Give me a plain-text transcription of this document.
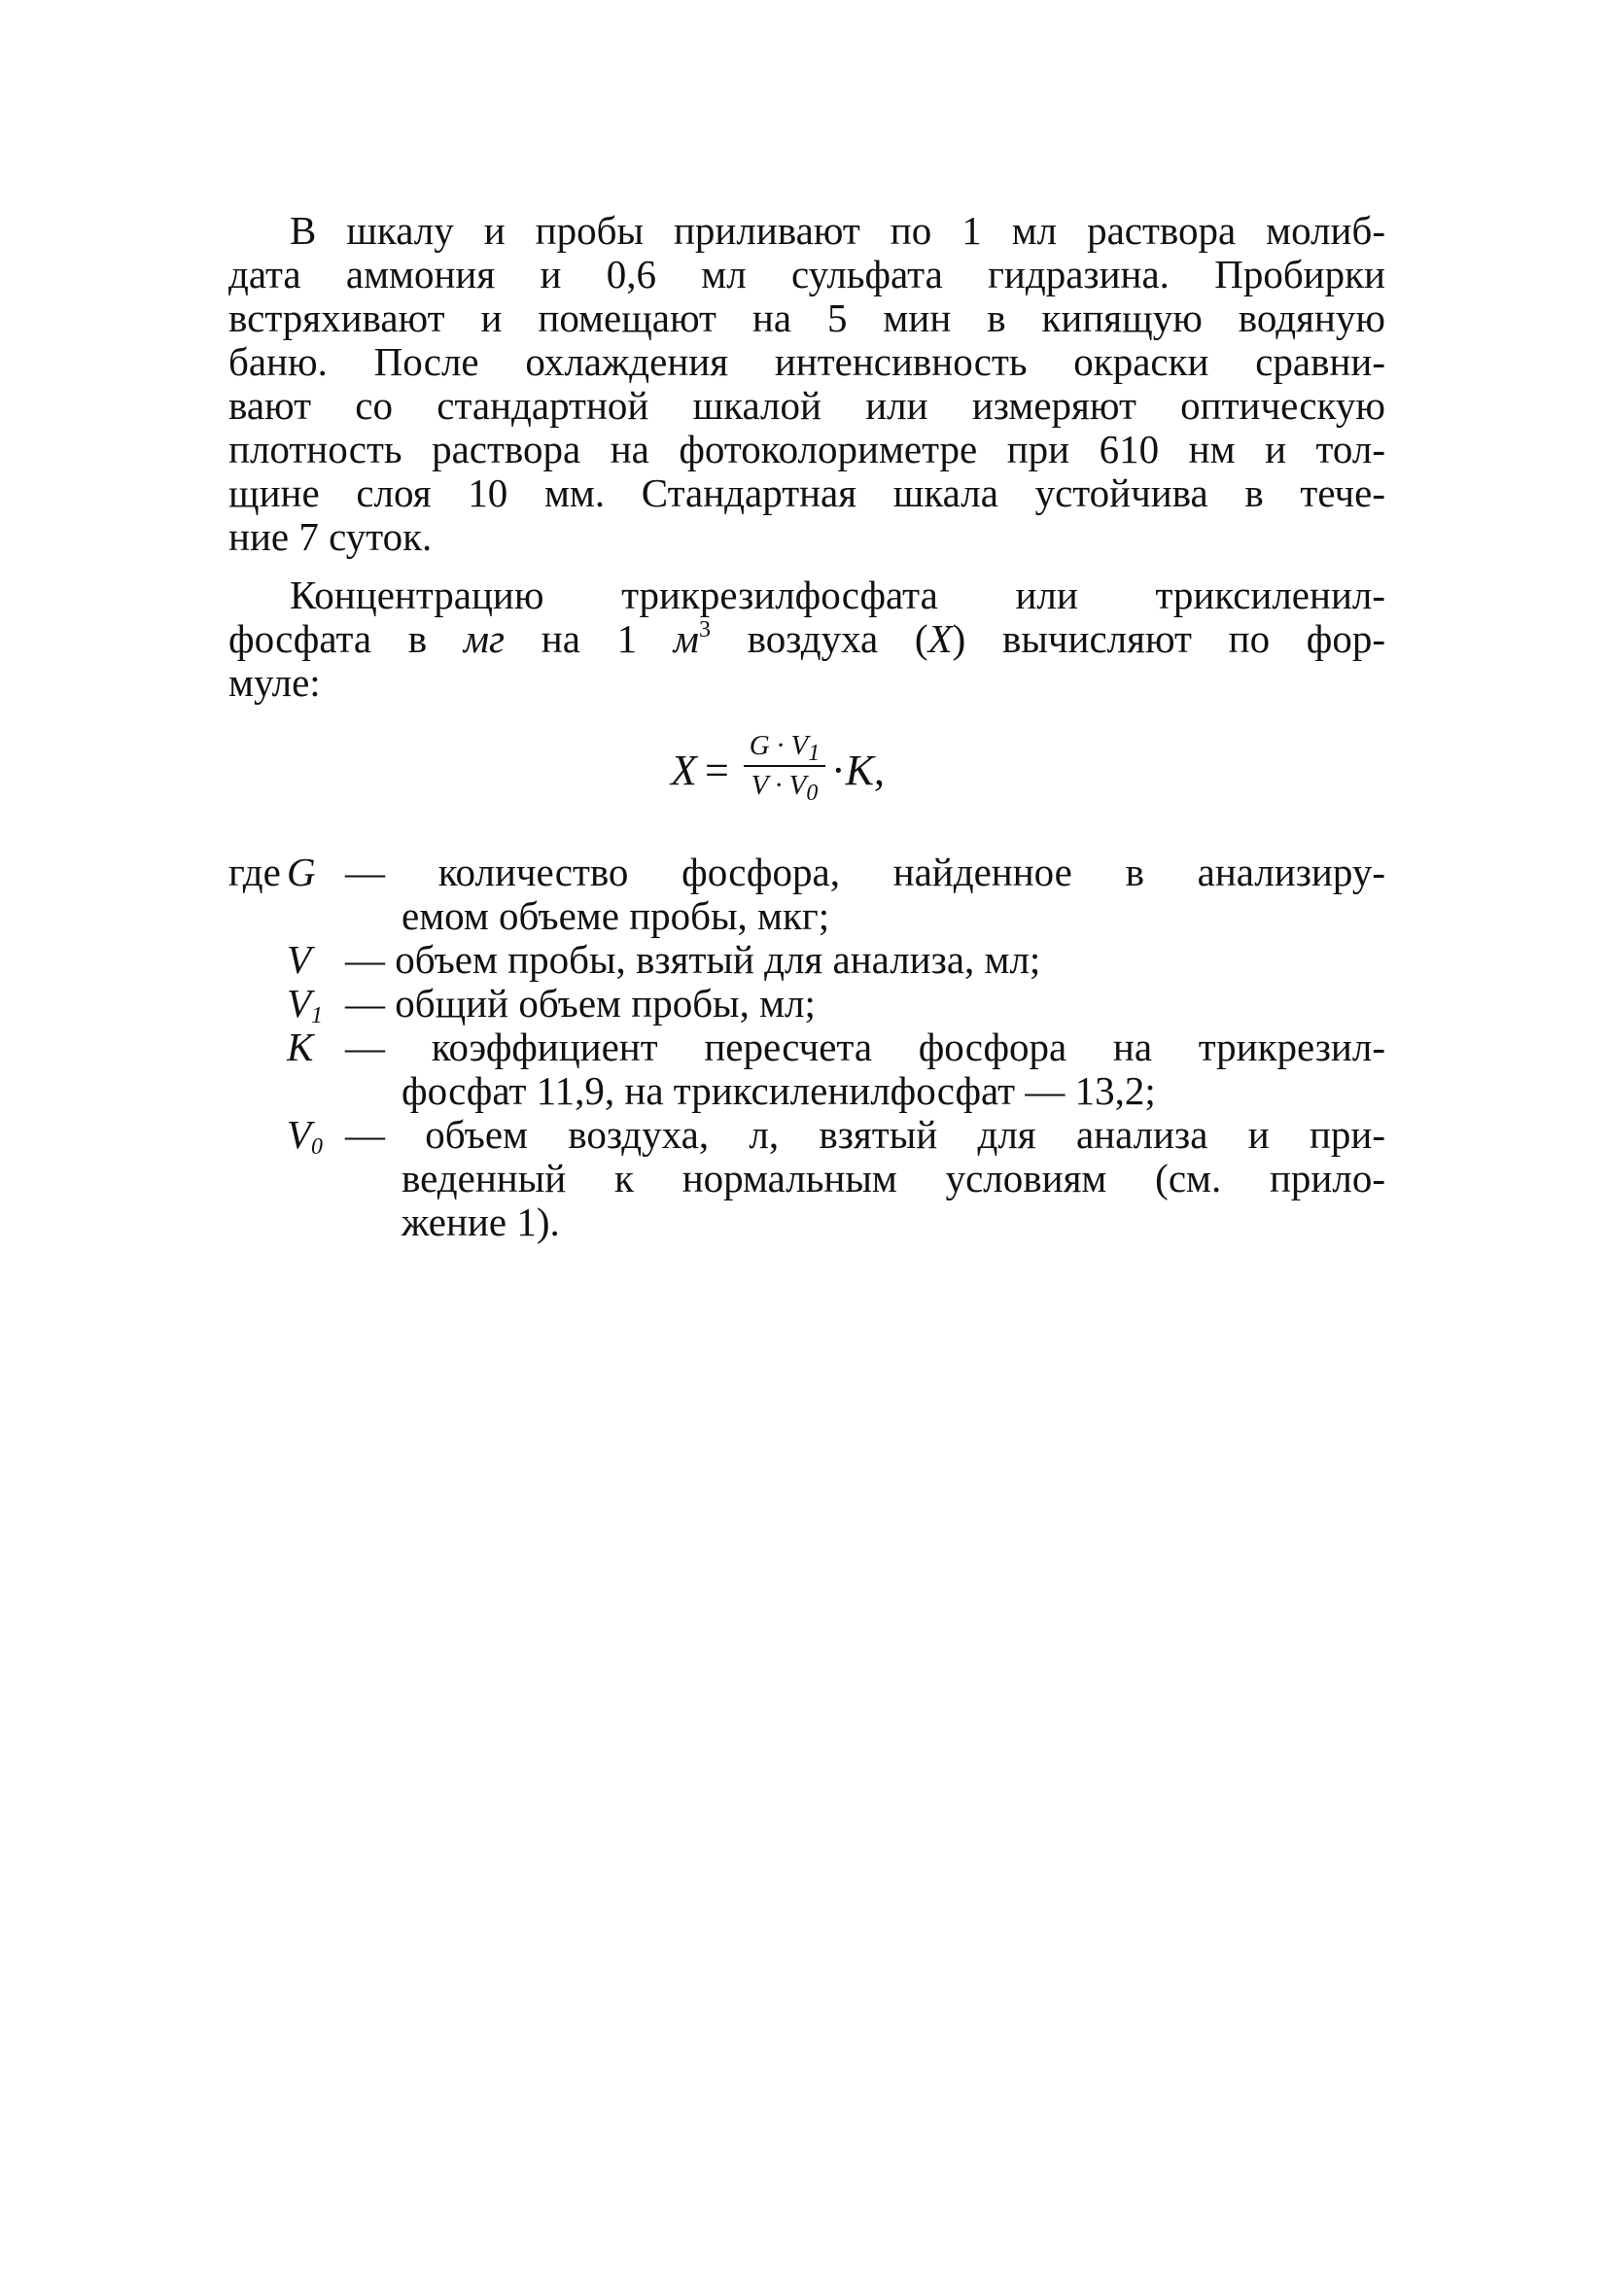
В шкалу и пробы приливают по 1 мл раствора молиб-
дата аммония и 0,6 мл сульфата гидразина. Пробирки
встряхивают и помещают на 5 мин в кипящую водяную
баню. После охлаждения интенсивность окраски сравни-
вают со стандартной шкалой или измеряют оптическую
плотность раствора на фотоколориметре при 610 нм и тол-
щине слоя 10 мм. Стандартная шкала устойчива в тече-
ние 7 суток.

Концентрацию трикрезилфосфата или триксиленил-
фосфата в мг на 1 $м^3$ воздуха (X) вычисляют по фор-
муле:

X =
$G \cdot V_1$
$V \cdot V_0 \cdot K$,
где G — количество фосфора, найденное в анализиру-
емом объеме пробы, мкг;
V — объем пробы, взятый для анализа, мл;
$V_1$ — общий объем пробы, мл;
K — коэффициент пересчета фосфора на трикрезил-
фосфат 11,9, на триксиленилфосфат — 13,2;
$V_0$ — объем воздуха, л, взятый для анализа и при-
веденный к нормальным условиям (см. прило-
жение 1).
